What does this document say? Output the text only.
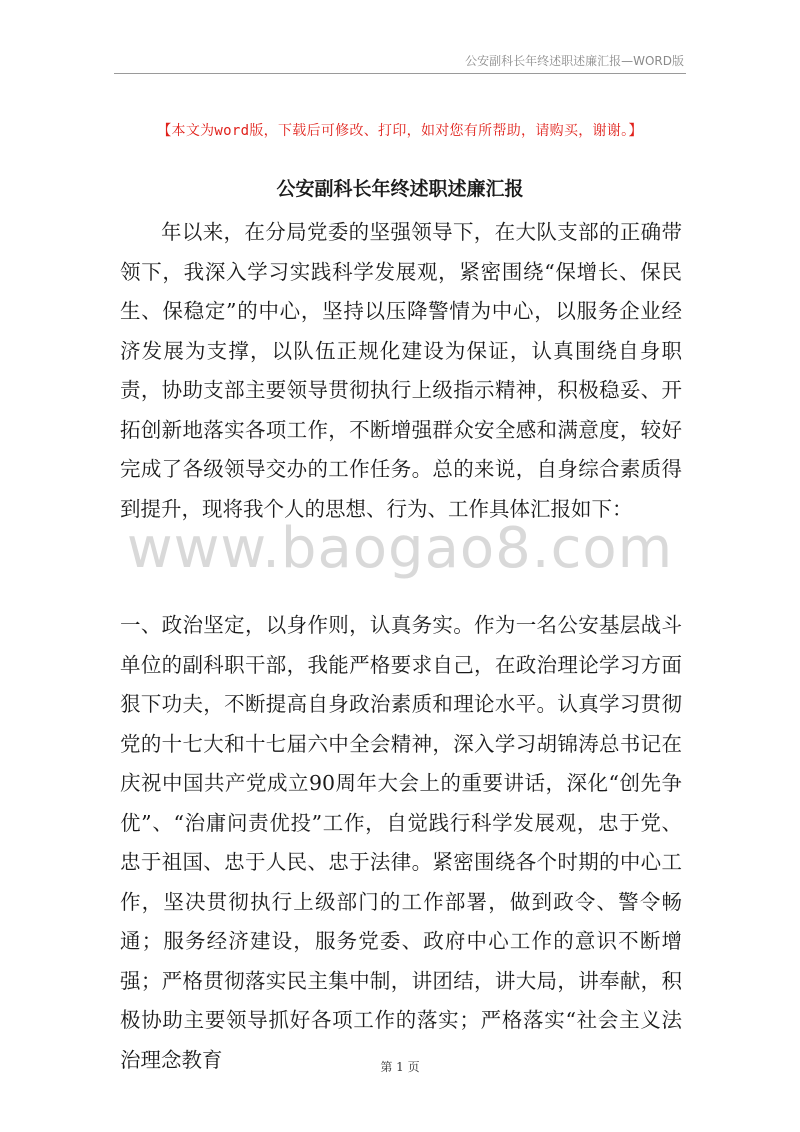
公安副科长年终述职述廉汇报—WORD版
【本文为word版，下载后可修改、打印，如对您有所帮助，请购买，谢谢。】
公安副科长年终述职述廉汇报

年以来，在分局党委的坚强领导下，在大队支部的正确带领下，我深入学习实践科学发展观，紧密围绕“保增长、保民生、保稳定”的中心，坚持以压降警情为中心，以服务企业经济发展为支撑，以队伍正规化建设为保证，认真围绕自身职责，协助支部主要领导贯彻执行上级指示精神，积极稳妥、开拓创新地落实各项工作，不断增强群众安全感和满意度，较好完成了各级领导交办的工作任务。总的来说，自身综合素质得到提升，现将我个人的思想、行为、工作具体汇报如下：

www.baogao8.com

一、政治坚定，以身作则，认真务实。作为一名公安基层战斗单位的副科职干部，我能严格要求自己，在政治理论学习方面狠下功夫，不断提高自身政治素质和理论水平。认真学习贯彻党的十七大和十七届六中全会精神，深入学习胡锦涛总书记在庆祝中国共产党成立90周年大会上的重要讲话，深化“创先争优”、“治庸问责优投”工作，自觉践行科学发展观，忠于党、忠于祖国、忠于人民、忠于法律。紧密围绕各个时期的中心工作，坚决贯彻执行上级部门的工作部署，做到政令、警令畅通；服务经济建设，服务党委、政府中心工作的意识不断增强；严格贯彻落实民主集中制，讲团结，讲大局，讲奉献，积极协助主要领导抓好各项工作的落实；严格落实“社会主义法治理念教育	第 1 页
